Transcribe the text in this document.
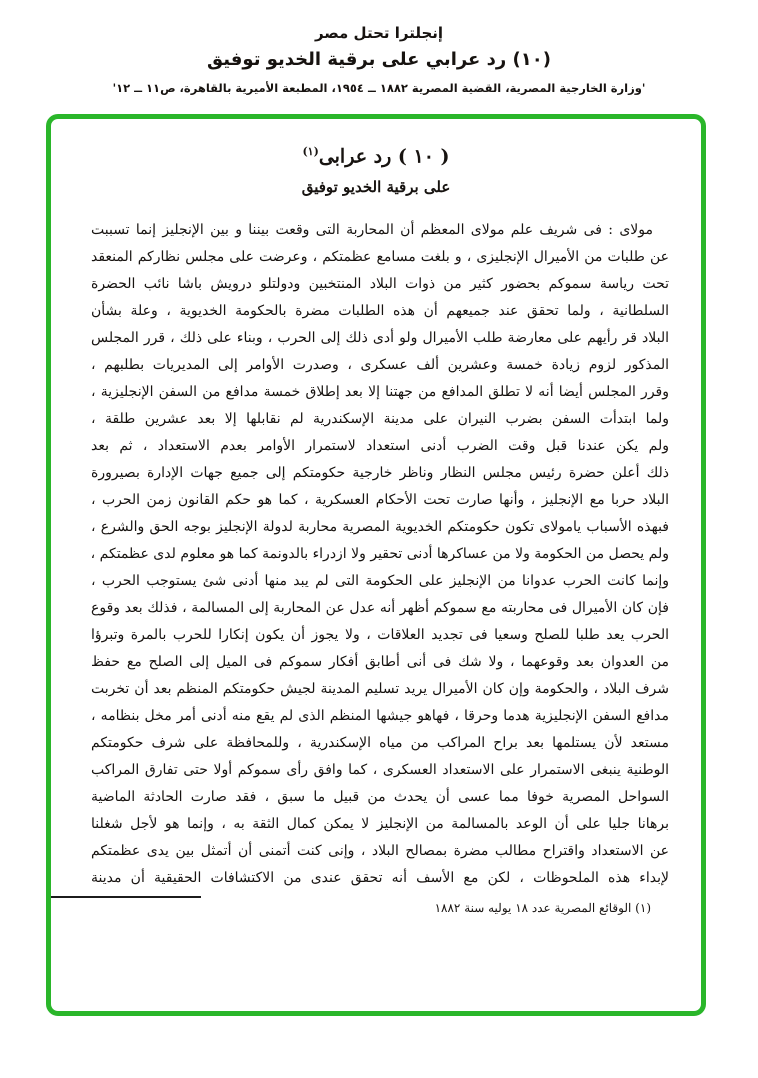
إنجلترا تحتل مصر
(١٠) رد عرابي على برقية الخديو توفيق
'وزارة الخارجية المصرية، القضية المصرية ١٨٨٢ ــ ١٩٥٤، المطبعة الأميرية بالقاهرة، ص١١ ــ ١٢'
( ١٠ ) رد عرابى$^{(١)}$
على برقية الخديو توفيق
مولاى : فى شريف علم مولاى المعظم أن المحاربة التى وقعت بيننا و بين الإنجليز إنما تسببت
عن طلبات من الأميرال الإنجليزى ، و بلغت مسامع عظمتكم ، وعرضت على مجلس نظاركم المنعقد
تحت رياسة سموكم بحضور كثير من ذوات البلاد المنتخبين ودولتلو درويش باشا نائب الحضرة
السلطانية ، ولما تحقق عند جميعهم أن هذه الطلبات مضرة بالحكومة الخديوية ، وعلة بشأن
البلاد قر رأيهم على معارضة طلب الأميرال ولو أدى ذلك إلى الحرب ، وبناء على ذلك ، قرر المجلس
المذكور لزوم زيادة خمسة وعشرين ألف عسكرى ، وصدرت الأوامر إلى المديريات بطلبهم ،
وقرر المجلس أيضا أنه لا تطلق المدافع من جهتنا إلا بعد إطلاق خمسة مدافع من السفن الإنجليزية ،
ولما ابتدأت السفن بضرب النيران على مدينة الإسكندرية لم نقابلها إلا بعد عشرين طلقة ،
ولم يكن عندنا قبل وقت الضرب أدنى استعداد لاستمرار الأوامر بعدم الاستعداد ، ثم بعد
ذلك أعلن حضرة رئيس مجلس النظار وناظر خارجية حكومتكم إلى جميع جهات الإدارة بصيرورة
البلاد حربا مع الإنجليز ، وأنها صارت تحت الأحكام العسكرية ، كما هو حكم القانون زمن الحرب ،
فبهذه الأسباب يامولاى تكون حكومتكم الخديوية المصرية محاربة لدولة الإنجليز بوجه الحق والشرع ،
ولم يحصل من الحكومة ولا من عساكرها أدنى تحقير ولا ازدراء بالدونمة كما هو معلوم لدى عظمتكم ،
وإنما كانت الحرب عدوانا من الإنجليز على الحكومة التى لم يبد منها أدنى شئ يستوجب الحرب ،
فإن كان الأميرال فى محاربته مع سموكم أظهر أنه عدل عن المحاربة إلى المسالمة ، فذلك بعد وقوع
الحرب يعد طلبا للصلح وسعيا فى تجديد العلاقات ، ولا يجوز أن يكون إنكارا للحرب بالمرة وتبرؤا
من العدوان بعد وقوعهما ، ولا شك فى أنى أطابق أفكار سموكم فى الميل إلى الصلح مع حفظ
شرف البلاد ، والحكومة وإن كان الأميرال يريد تسليم المدينة لجيش حكومتكم المنظم بعد أن تخربت
مدافع السفن الإنجليزية هدما وحرقا ، فهاهو جيشها المنظم الذى لم يقع منه أدنى أمر مخل بنظامه ،
مستعد لأن يستلمها بعد براح المراكب من مياه الإسكندرية ، وللمحافظة على شرف حكومتكم
الوطنية ينبغى الاستمرار على الاستعداد العسكرى ، كما وافق رأى سموكم أولا حتى تفارق المراكب
السواحل المصرية خوفا مما عسى أن يحدث من قبيل ما سبق ، فقد صارت الحادثة الماضية
برهانا جليا على أن الوعد بالمسالمة من الإنجليز لا يمكن كمال الثقة به ، وإنما هو لأجل شغلنا
عن الاستعداد واقتراح مطالب مضرة بمصالح البلاد ، وإنى كنت أتمنى أن أتمثل بين يدى عظمتكم
لإبداء هذه الملحوظات ، لكن مع الأسف أنه تحقق عندى من الاكتشافات الحقيقية أن مدينة
(١) الوقائع المصرية عدد ١٨ يوليه سنة ١٨٨٢
